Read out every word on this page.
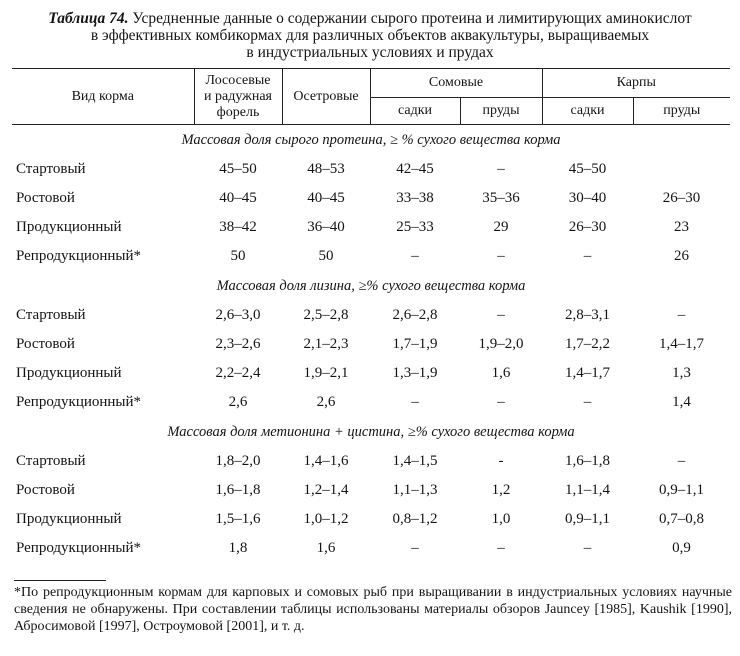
Таблица 74. Усредненные данные о содержании сырого протеина и лимитирующих аминокислот
в эффективных комбикормах для различных объектов аквакультуры, выращиваемых
в индустриальных условиях и прудах
Вид корма	Лососевые
и радужная
форель	Осетровые	Сомовые		Карпы	
			садки	пруды	садки	пруды
Массовая доля сырого протеина, ≥ % сухого вещества корма						
Стартовый	45–50	48–53	42–45	–	45–50	
Ростовой	40–45	40–45	33–38	35–36	30–40	26–30
Продукционный	38–42	36–40	25–33	29	26–30	23
Репродукционный*	50	50	–	–	–	26
Массовая доля лизина, ≥% сухого вещества корма						
Стартовый	2,6–3,0	2,5–2,8	2,6–2,8	–	2,8–3,1	–
Ростовой	2,3–2,6	2,1–2,3	1,7–1,9	1,9–2,0	1,7–2,2	1,4–1,7
Продукционный	2,2–2,4	1,9–2,1	1,3–1,9	1,6	1,4–1,7	1,3
Репродукционный*	2,6	2,6	–	–	–	1,4
Массовая доля метионина + цистина, ≥% сухого вещества корма						
Стартовый	1,8–2,0	1,4–1,6	1,4–1,5	-	1,6–1,8	–
Ростовой	1,6–1,8	1,2–1,4	1,1–1,3	1,2	1,1–1,4	0,9–1,1
Продукционный	1,5–1,6	1,0–1,2	0,8–1,2	1,0	0,9–1,1	0,7–0,8
Репродукционный*	1,8	1,6	–	–	–	0,9
*По репродукционным кормам для карповых и сомовых рыб при выращивании в индустриальных условиях научные сведения не обнаружены. При составлении таблицы использованы материалы обзоров Jauncey [1985], Kaushik [1990], Абросимовой [1997], Остроумовой [2001], и т. д.
